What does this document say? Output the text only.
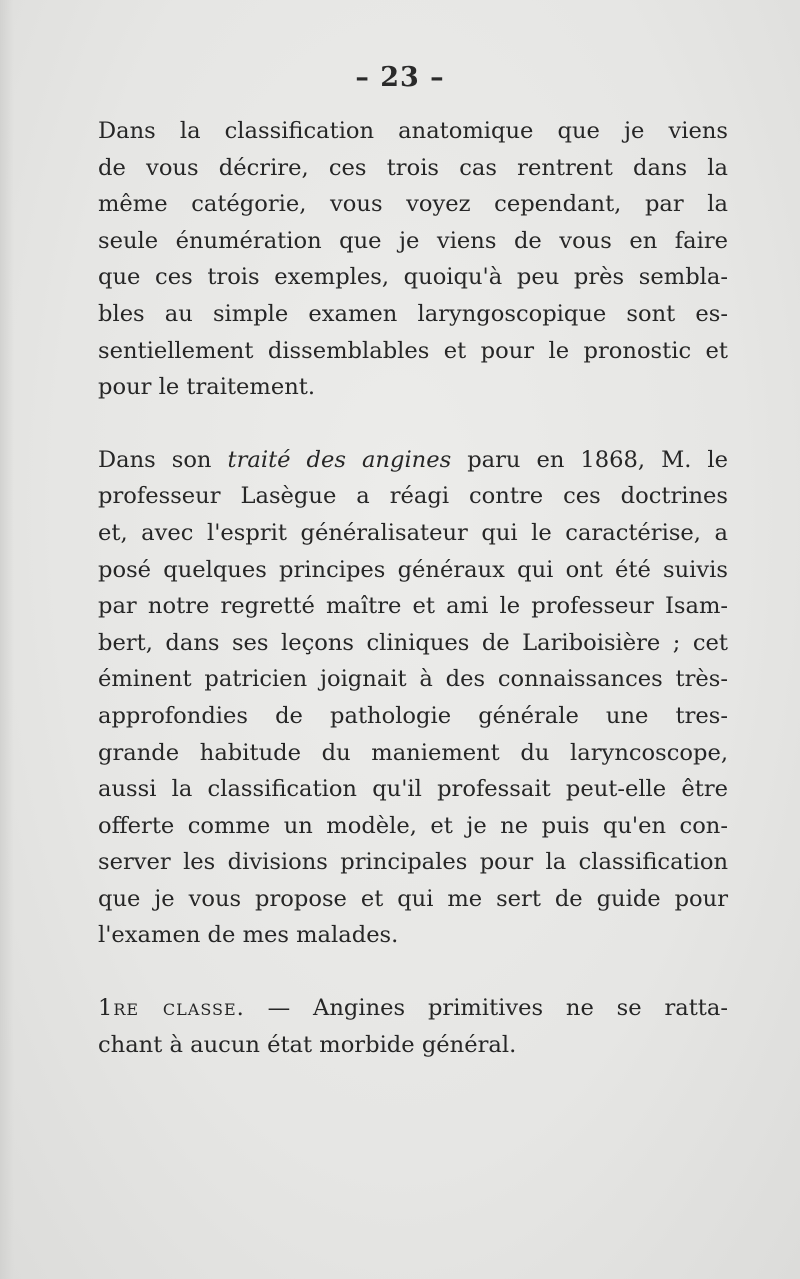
– 23 –

Dans la classification anatomique que je viens
de vous décrire, ces trois cas rentrent dans la
même catégorie, vous voyez cependant, par la
seule énumération que je viens de vous en faire
que ces trois exemples, quoiqu'à peu près sembla-
bles au simple examen laryngoscopique sont es-
sentiellement dissemblables et pour le pronostic et
pour le traitement.

Dans son traité des angines paru en 1868, M. le
professeur Lasègue a réagi contre ces doctrines
et, avec l'esprit généralisateur qui le caractérise, a
posé quelques principes généraux qui ont été suivis
par notre regretté maître et ami le professeur Isam-
bert, dans ses leçons cliniques de Lariboisière ; cet
éminent patricien joignait à des connaissances très-
approfondies de pathologie générale une tres-
grande habitude du maniement du laryncoscope,
aussi la classification qu'il professait peut-elle être
offerte comme un modèle, et je ne puis qu'en con-
server les divisions principales pour la classification
que je vous propose et qui me sert de guide pour
l'examen de mes malades.

1re classe. — Angines primitives ne se ratta-
chant à aucun état morbide général.
